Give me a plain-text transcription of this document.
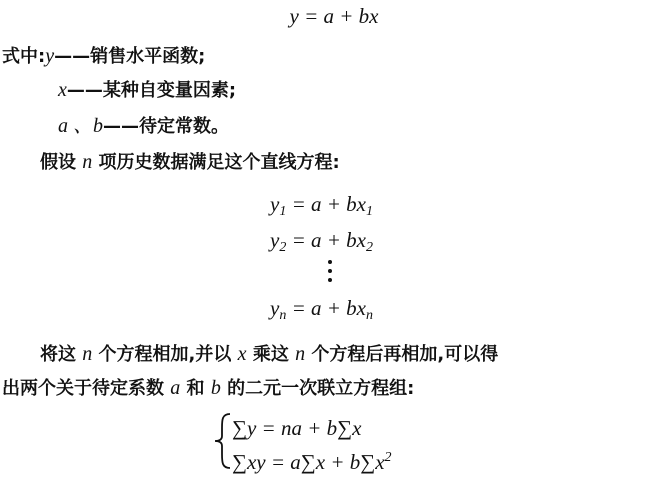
y = a + bx
式中:y——销售水平函数;
x——某种自变量因素;
a 、b——待定常数。
假设 n 项历史数据满足这个直线方程:
$y_1 = a + bx_1$
$y_2 = a + bx_2$
$y_n = a + bx_n$
将这 n 个方程相加,并以 x 乘这 n 个方程后再相加,可以得
出两个关于待定系数 a 和 b 的二元一次联立方程组:
∑y = na + b∑x
$\sum xy = a\sum x + b\sum x^2$
